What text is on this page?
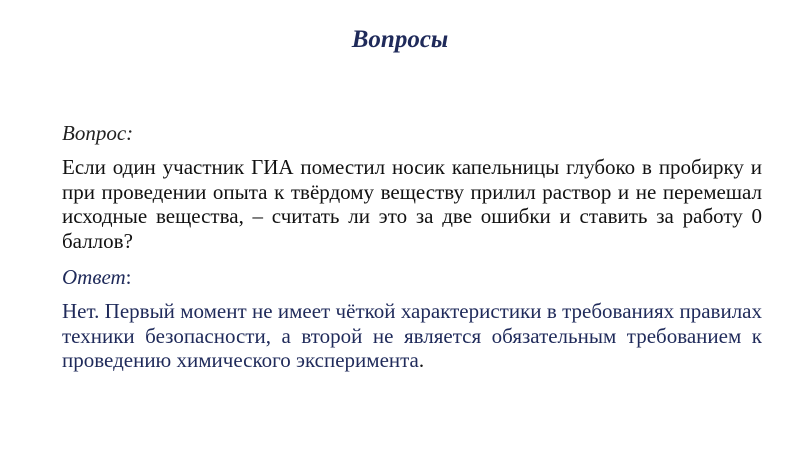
Вопросы
Вопрос:
Если один участник ГИА поместил носик капельницы глубоко в пробирку и при проведении опыта к твёрдому веществу прилил раствор и не перемешал исходные вещества, – считать ли это за две ошибки и ставить за работу 0 баллов?
Ответ:
Нет. Первый момент не имеет чёткой характеристики в требованиях правилах техники безопасности, а второй не является обязательным требованием к проведению химического эксперимента.
